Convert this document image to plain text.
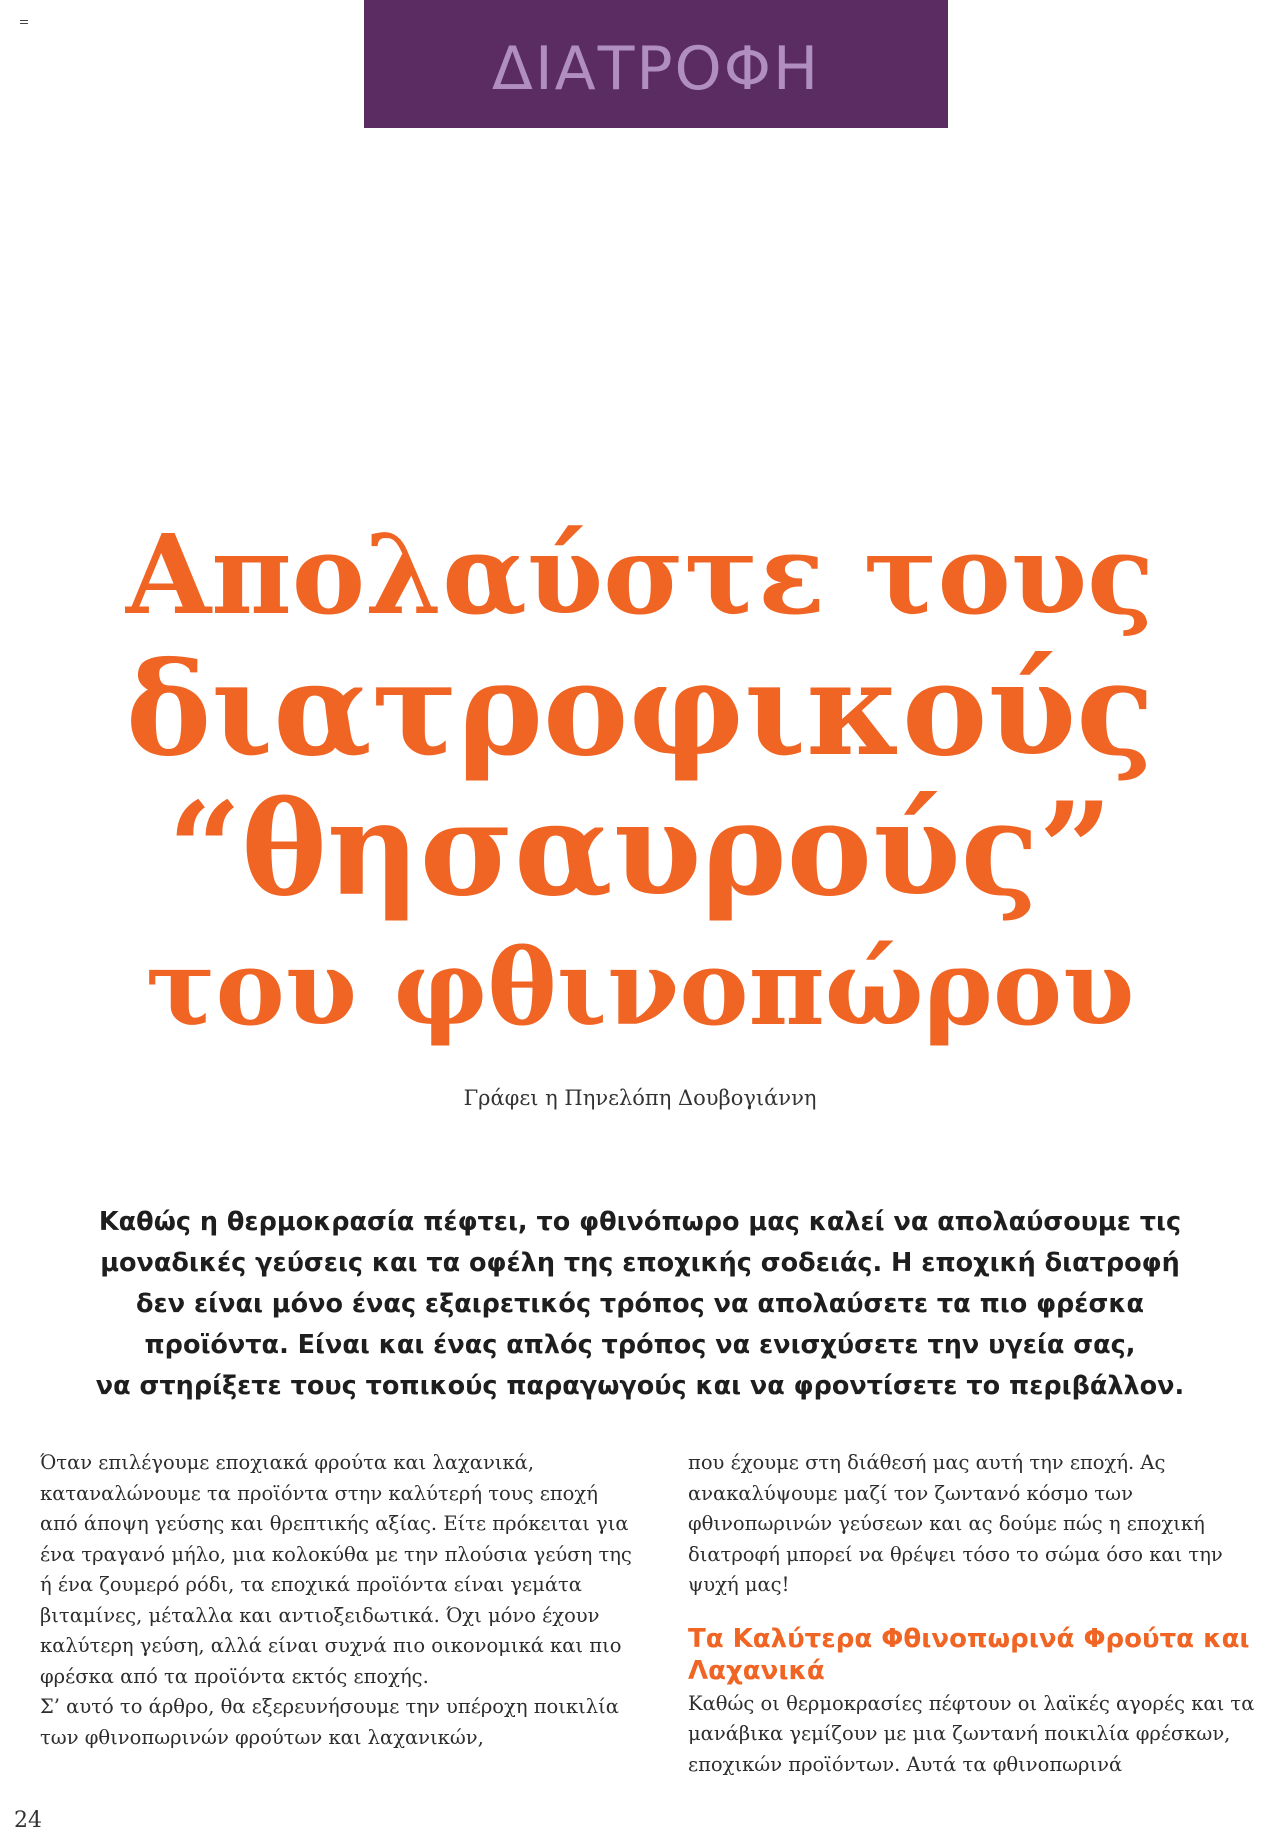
ΔΙΑΤΡΟΦΗ
Απολαύστε τους
διατροφικούς
“θησαυρούς”
του φθινοπώρου
Γράφει η Πηνελόπη Δουβογιάννη
Καθώς η θερμοκρασία πέφτει, το φθινόπωρο μας καλεί να απολαύσουμε τις
μοναδικές γεύσεις και τα οφέλη της εποχικής σοδειάς. Η εποχική διατροφή
δεν είναι μόνο ένας εξαιρετικός τρόπος να απολαύσετε τα πιο φρέσκα
προϊόντα. Είναι και ένας απλός τρόπος να ενισχύσετε την υγεία σας,
να στηρίξετε τους τοπικούς παραγωγούς και να φροντίσετε το περιβάλλον.

Όταν επιλέγουμε εποχιακά φρούτα και λαχανικά, καταναλώνουμε τα προϊόντα στην καλύτερή τους εποχή από άποψη γεύσης και θρεπτικής αξίας. Είτε πρόκειται για ένα τραγανό μήλο, μια κολοκύθα με την πλούσια γεύση της ή ένα ζουμερό ρόδι, τα εποχικά προϊόντα είναι γεμάτα βιταμίνες, μέταλλα και αντιοξειδωτικά. Όχι μόνο έχουν καλύτερη γεύση, αλλά είναι συχνά πιο οικονομικά και πιο φρέσκα από τα προϊόντα εκτός εποχής.

Σ’ αυτό το άρθρο, θα εξερευνήσουμε την υπέροχη ποικιλία των φθινοπωρινών φρούτων και λαχανικών,

που έχουμε στη διάθεσή μας αυτή την εποχή. Ας ανακαλύψουμε μαζί τον ζωντανό κόσμο των φθινοπωρινών γεύσεων και ας δούμε πώς η εποχική διατροφή μπορεί να θρέψει τόσο το σώμα όσο και την ψυχή μας!

Τα Καλύτερα Φθινοπωρινά Φρούτα και Λαχανικά

Καθώς οι θερμοκρασίες πέφτουν οι λαϊκές αγορές και τα μανάβικα γεμίζουν με μια ζωντανή ποικιλία φρέσκων, εποχικών προϊόντων. Αυτά τα φθινοπωρινά

24
